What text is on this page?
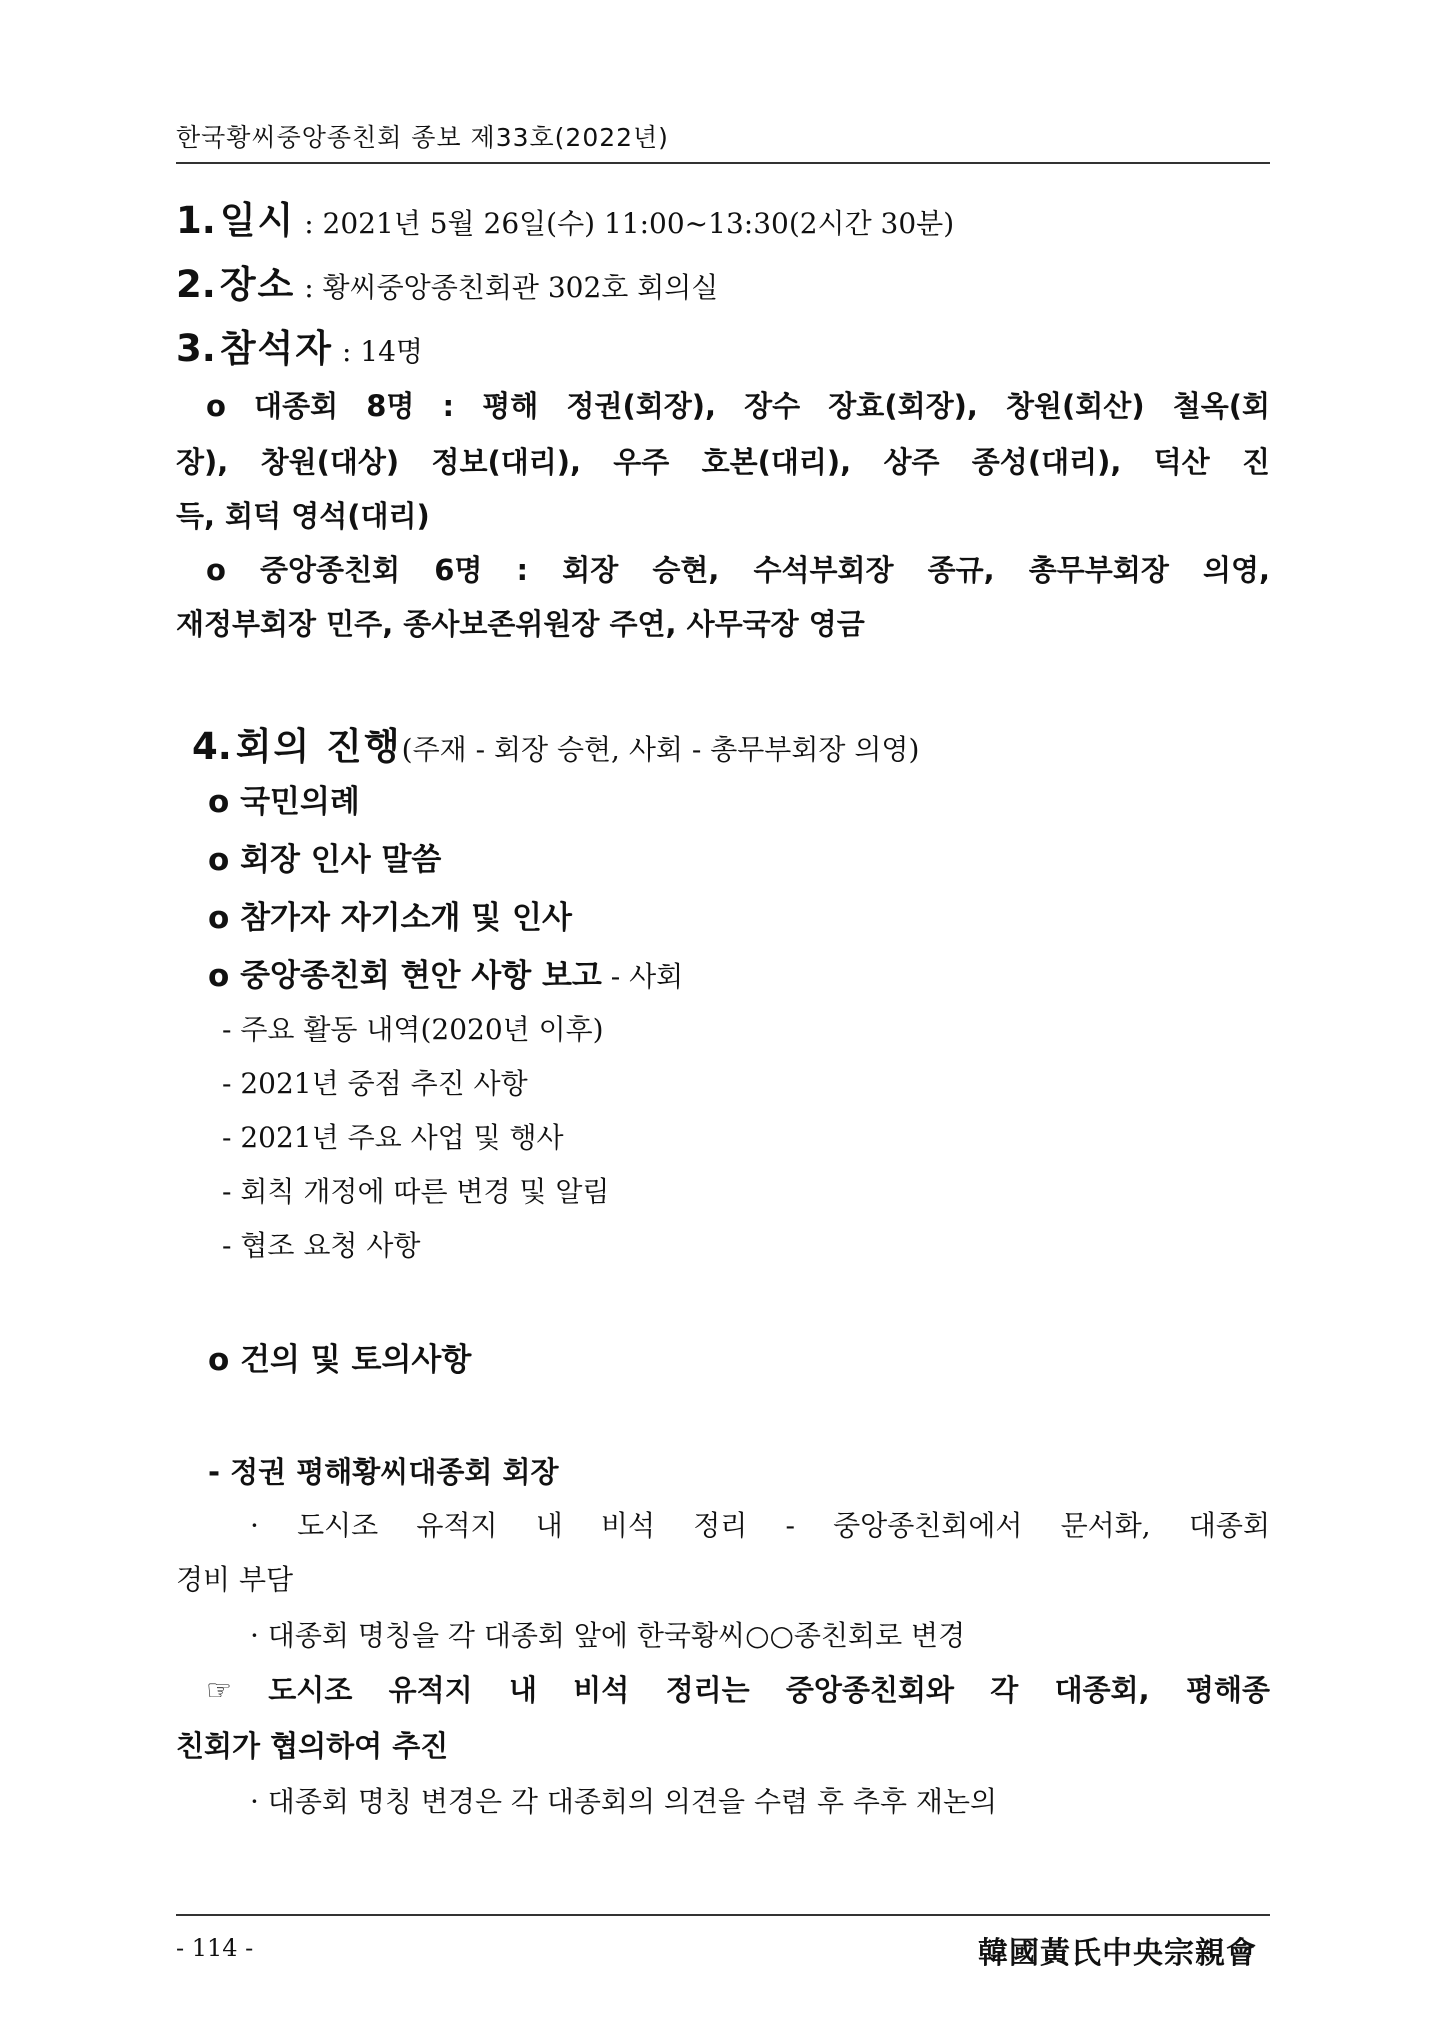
한국황씨중앙종친회 종보 제33호(2022년)
1. 일시 : 2021년 5월 26일(수) 11:00~13:30(2시간 30분)
2. 장소 : 황씨중앙종친회관 302호 회의실
3. 참석자 : 14명
o 대종회 8명 : 평해 정권(회장), 장수 장효(회장), 창원(회산) 철옥(회
장), 창원(대상) 정보(대리), 우주 호본(대리), 상주 종성(대리), 덕산 진
득, 회덕 영석(대리)
o 중앙종친회 6명 : 회장 승현, 수석부회장 종규, 총무부회장 의영,
재정부회장 민주, 종사보존위원장 주연, 사무국장 영금
4. 회의 진행(주재 - 회장 승현, 사회 - 총무부회장 의영)
o 국민의례
o 회장 인사 말씀
o 참가자 자기소개 및 인사
o 중앙종친회 현안 사항 보고 - 사회
- 주요 활동 내역(2020년 이후)
- 2021년 중점 추진 사항
- 2021년 주요 사업 및 행사
- 회칙 개정에 따른 변경 및 알림
- 협조 요청 사항
o 건의 및 토의사항
- 정권 평해황씨대종회 회장
· 도시조 유적지 내 비석 정리 - 중앙종친회에서 문서화, 대종회
경비 부담
· 대종회 명칭을 각 대종회 앞에 한국황씨○○종친회로 변경
☞ 도시조 유적지 내 비석 정리는 중앙종친회와 각 대종회, 평해종
친회가 협의하여 추진
· 대종회 명칭 변경은 각 대종회의 의견을 수렴 후 추후 재논의
- 114 -	韓國黃氏中央宗親會
